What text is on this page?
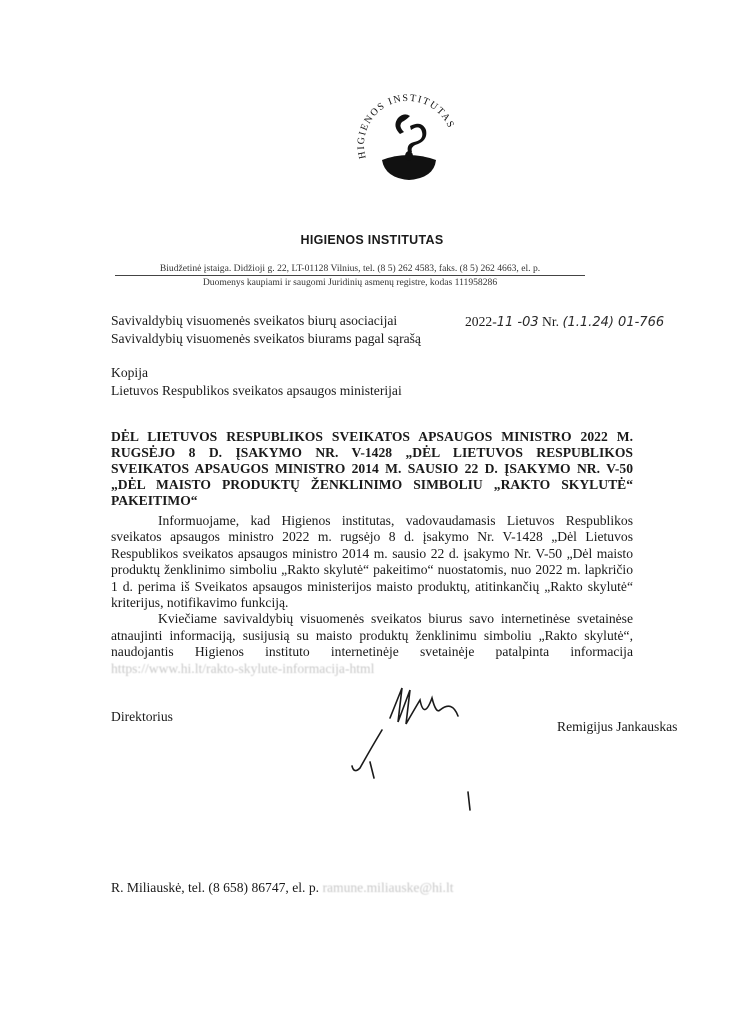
HIGIENOS INSTITUTAS
HIGIENOS INSTITUTAS
Biudžetinė įstaiga. Didžioji g. 22, LT-01128 Vilnius, tel. (8 5) 262 4583, faks. (8 5) 262 4663, el. p.
Duomenys kaupiami ir saugomi Juridinių asmenų registre, kodas 111958286
Savivaldybių visuomenės sveikatos biurų asociacijai
Savivaldybių visuomenės sveikatos biurams pagal sąrašą
2022-11 -03 Nr. (1.1.24) 01-766
Kopija
Lietuvos Respublikos sveikatos apsaugos ministerijai
DĖL LIETUVOS RESPUBLIKOS SVEIKATOS APSAUGOS MINISTRO 2022 M. RUGSĖJO 8 D. ĮSAKYMO NR. V-1428 „DĖL LIETUVOS RESPUBLIKOS SVEIKATOS APSAUGOS MINISTRO 2014 M. SAUSIO 22 D. ĮSAKYMO NR. V-50 „DĖL MAISTO PRODUKTŲ ŽENKLINIMO SIMBOLIU „RAKTO SKYLUTĖ“ PAKEITIMO“

Informuojame, kad Higienos institutas, vadovaudamasis Lietuvos Respublikos sveikatos apsaugos ministro 2022 m. rugsėjo 8 d. įsakymo Nr. V-1428 „Dėl Lietuvos Respublikos sveikatos apsaugos ministro 2014 m. sausio 22 d. įsakymo Nr. V-50 „Dėl maisto produktų ženklinimo simboliu „Rakto skylutė“ pakeitimo“ nuostatomis, nuo 2022 m. lapkričio 1 d. perima iš Sveikatos apsaugos ministerijos maisto produktų, atitinkančių „Rakto skylutė“ kriterijus, notifikavimo funkciją.

Kviečiame savivaldybių visuomenės sveikatos biurus savo internetinėse svetainėse atnaujinti informaciją, susijusią su maisto produktų ženklinimu simboliu „Rakto skylutė“, naudojantis Higienos instituto internetinėje svetainėje patalpinta informacija https://www.hi.lt/rakto-skylute-informacija-html

Direktorius
Remigijus Jankauskas
R. Miliauskė, tel. (8 658) 86747, el. p. ramune.miliauske@hi.lt
